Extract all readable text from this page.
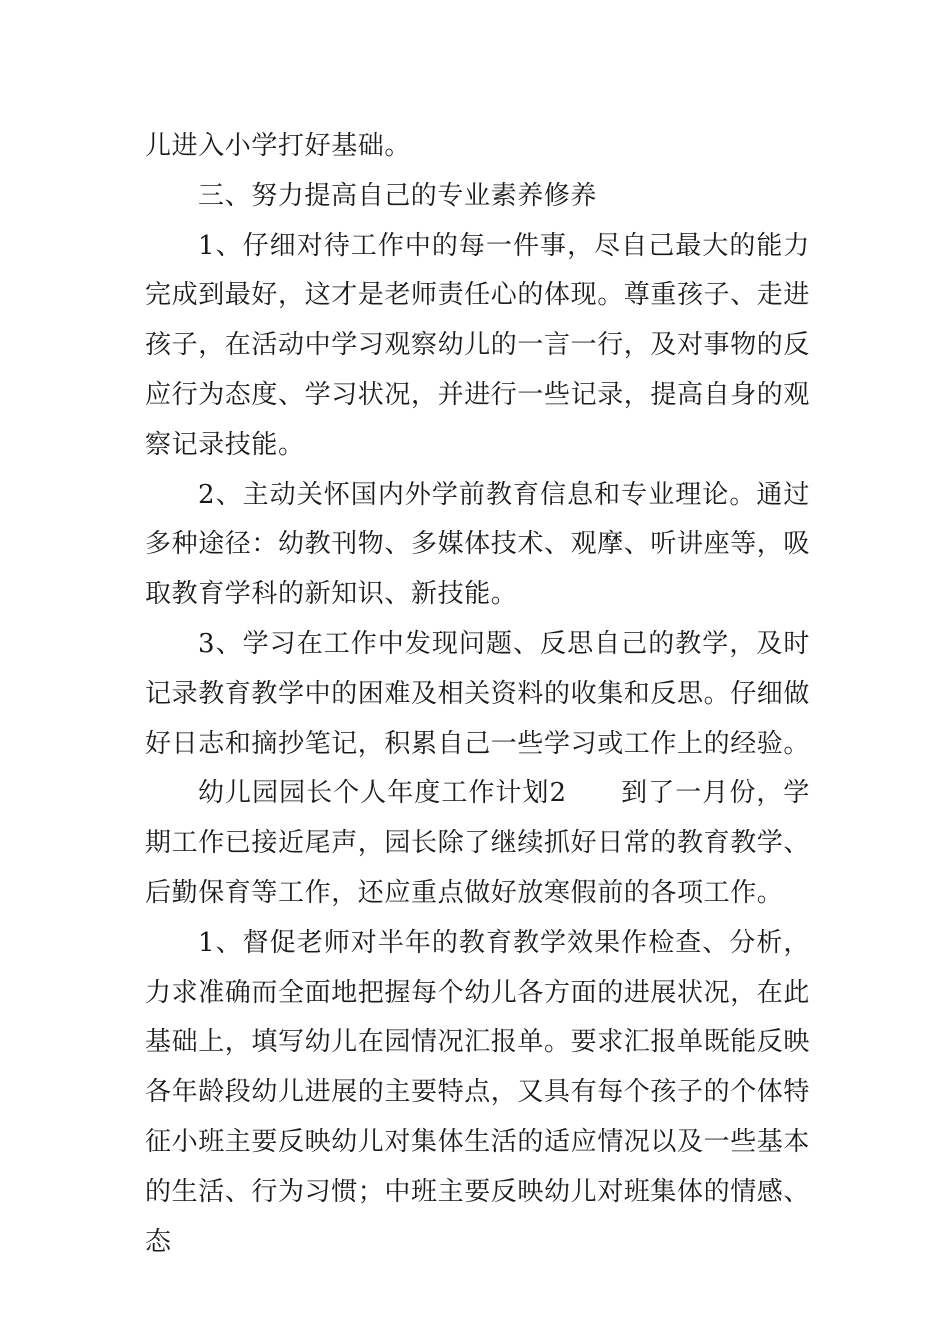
儿进入小学打好基础。

三、努力提高自己的专业素养修养

1、仔细对待工作中的每一件事，尽自己最大的能力完成到最好，这才是老师责任心的体现。尊重孩子、走进孩子，在活动中学习观察幼儿的一言一行，及对事物的反应行为态度、学习状况，并进行一些记录，提高自身的观察记录技能。

2、主动关怀国内外学前教育信息和专业理论。通过多种途径：幼教刊物、多媒体技术、观摩、听讲座等，吸取教育学科的新知识、新技能。

3、学习在工作中发现问题、反思自己的教学，及时记录教育教学中的困难及相关资料的收集和反思。仔细做好日志和摘抄笔记，积累自己一些学习或工作上的经验。

幼儿园园长个人年度工作计划2　　到了一月份，学期工作已接近尾声，园长除了继续抓好日常的教育教学、后勤保育等工作，还应重点做好放寒假前的各项工作。

1、督促老师对半年的教育教学效果作检查、分析，力求准确而全面地把握每个幼儿各方面的进展状况，在此基础上，填写幼儿在园情况汇报单。要求汇报单既能反映各年龄段幼儿进展的主要特点，又具有每个孩子的个体特征小班主要反映幼儿对集体生活的适应情况以及一些基本的生活、行为习惯；中班主要反映幼儿对班集体的情感、态
